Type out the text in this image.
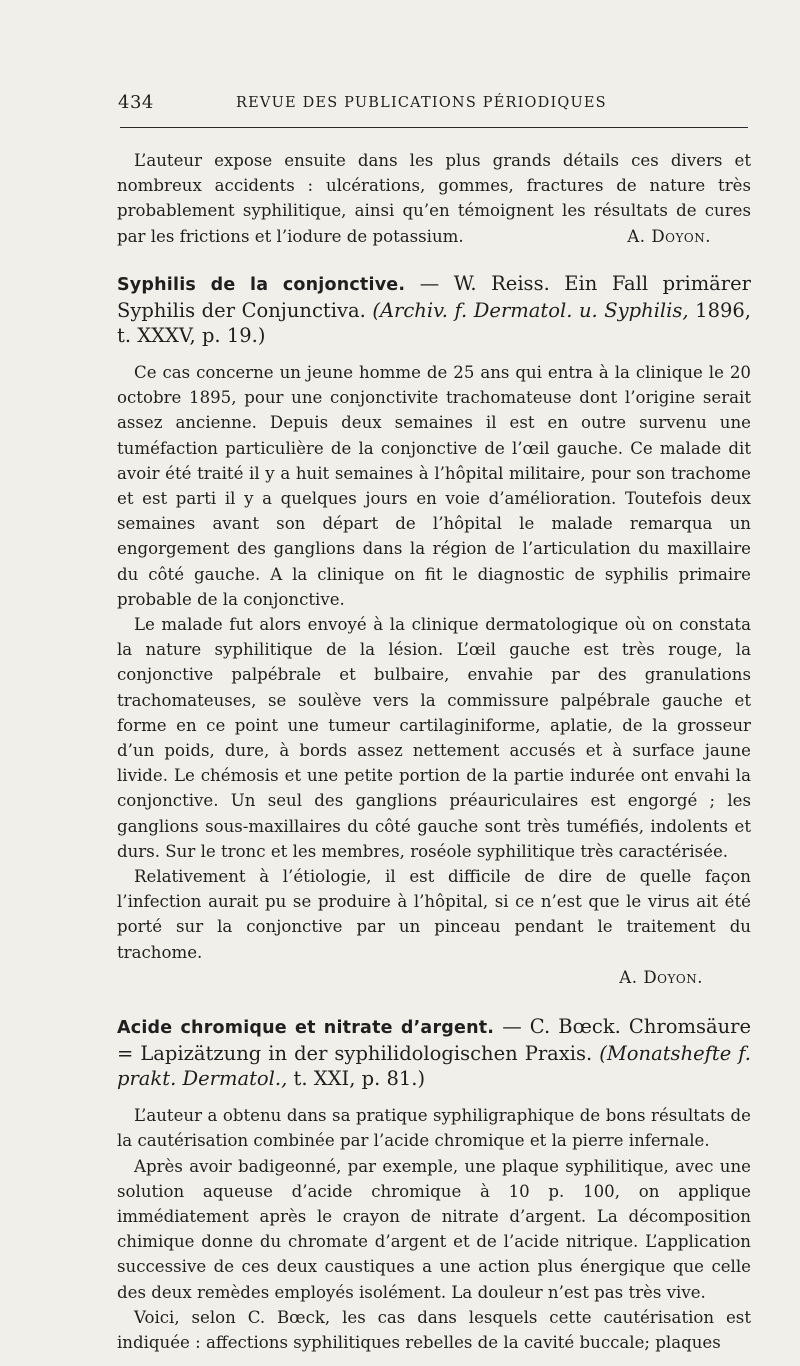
434	REVUE DES PUBLICATIONS PÉRIODIQUES

L’auteur expose ensuite dans les plus grands détails ces divers et nombreux accidents : ulcérations, gommes, fractures de nature très probablement syphilitique, ainsi qu’en témoignent les résultats de cures par les frictions et l’iodure de potassium.	A. Doyon.
Syphilis de la conjonctive. — W. Reiss. Ein Fall primärer Syphilis der Conjunctiva. (Archiv. f. Dermatol. u. Syphilis, 1896, t. XXXV, p. 19.)

Ce cas concerne un jeune homme de 25 ans qui entra à la clinique le 20 octobre 1895, pour une conjonctivite trachomateuse dont l’origine serait assez ancienne. Depuis deux semaines il est en outre survenu une tuméfaction particulière de la conjonctive de l’œil gauche. Ce malade dit avoir été traité il y a huit semaines à l’hôpital militaire, pour son trachome et est parti il y a quelques jours en voie d’amélioration. Toutefois deux semaines avant son départ de l’hôpital le malade remarqua un engorgement des ganglions dans la région de l’articulation du maxillaire du côté gauche. A la clinique on fit le diagnostic de syphilis primaire probable de la conjonctive.

Le malade fut alors envoyé à la clinique dermatologique où on constata la nature syphilitique de la lésion. L’œil gauche est très rouge, la conjonctive palpébrale et bulbaire, envahie par des granulations trachomateuses, se soulève vers la commissure palpébrale gauche et forme en ce point une tumeur cartilaginiforme, aplatie, de la grosseur d’un poids, dure, à bords assez nettement accusés et à surface jaune livide. Le chémosis et une petite portion de la partie indurée ont envahi la conjonctive. Un seul des ganglions préauriculaires est engorgé ; les ganglions sous-maxillaires du côté gauche sont très tuméfiés, indolents et durs. Sur le tronc et les membres, roséole syphilitique très caractérisée.

Relativement à l’étiologie, il est difficile de dire de quelle façon l’infection aurait pu se produire à l’hôpital, si ce n’est que le virus ait été porté sur la conjonctive par un pinceau pendant le traitement du trachome.

A. Doyon.
Acide chromique et nitrate d’argent. — C. Bœck. Chromsäure = Lapizätzung in der syphilidologischen Praxis. (Monatshefte f. prakt. Dermatol., t. XXI, p. 81.)

L’auteur a obtenu dans sa pratique syphiligraphique de bons résultats de la cautérisation combinée par l’acide chromique et la pierre infernale.

Après avoir badigeonné, par exemple, une plaque syphilitique, avec une solution aqueuse d’acide chromique à 10 p. 100, on applique immédiatement après le crayon de nitrate d’argent. La décomposition chimique donne du chromate d’argent et de l’acide nitrique. L’application successive de ces deux caustiques a une action plus énergique que celle des deux remèdes employés isolément. La douleur n’est pas très vive.

Voici, selon C. Bœck, les cas dans lesquels cette cautérisation est indiquée : affections syphilitiques rebelles de la cavité buccale; plaques
